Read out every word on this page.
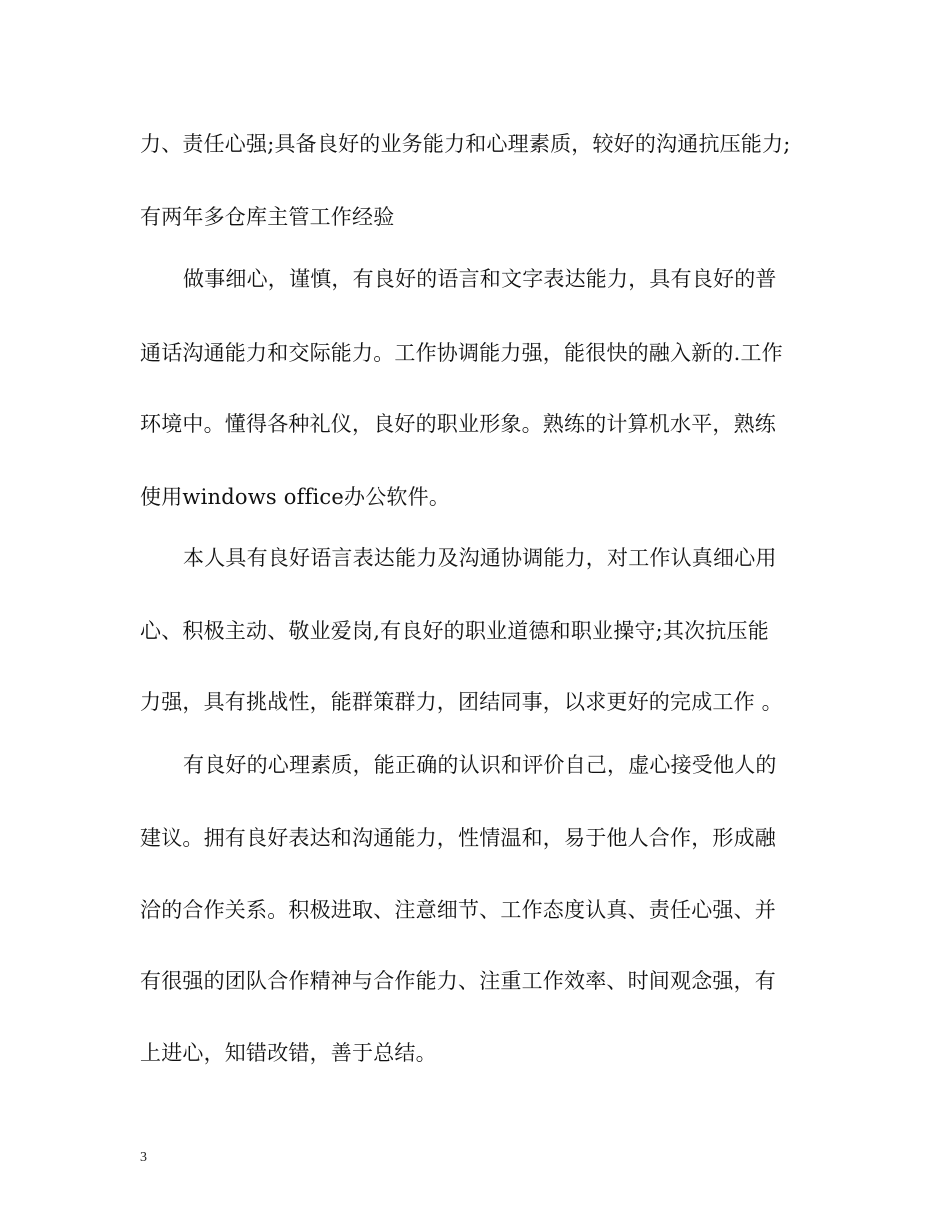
力、责任心强;具备良好的业务能力和心理素质，较好的沟通抗压能力;
有两年多仓库主管工作经验
做事细心，谨慎，有良好的语言和文字表达能力，具有良好的普
通话沟通能力和交际能力。工作协调能力强，能很快的融入新的.工作
环境中。懂得各种礼仪，良好的职业形象。熟练的计算机水平，熟练
使用windows office办公软件。
本人具有良好语言表达能力及沟通协调能力，对工作认真细心用
心、积极主动、敬业爱岗,有良好的职业道德和职业操守;其次抗压能
力强，具有挑战性，能群策群力，团结同事，以求更好的完成工作 。
有良好的心理素质，能正确的认识和评价自己，虚心接受他人的
建议。拥有良好表达和沟通能力，性情温和，易于他人合作，形成融
洽的合作关系。积极进取、注意细节、工作态度认真、责任心强、并
有很强的团队合作精神与合作能力、注重工作效率、时间观念强，有
上进心，知错改错，善于总结。
3
